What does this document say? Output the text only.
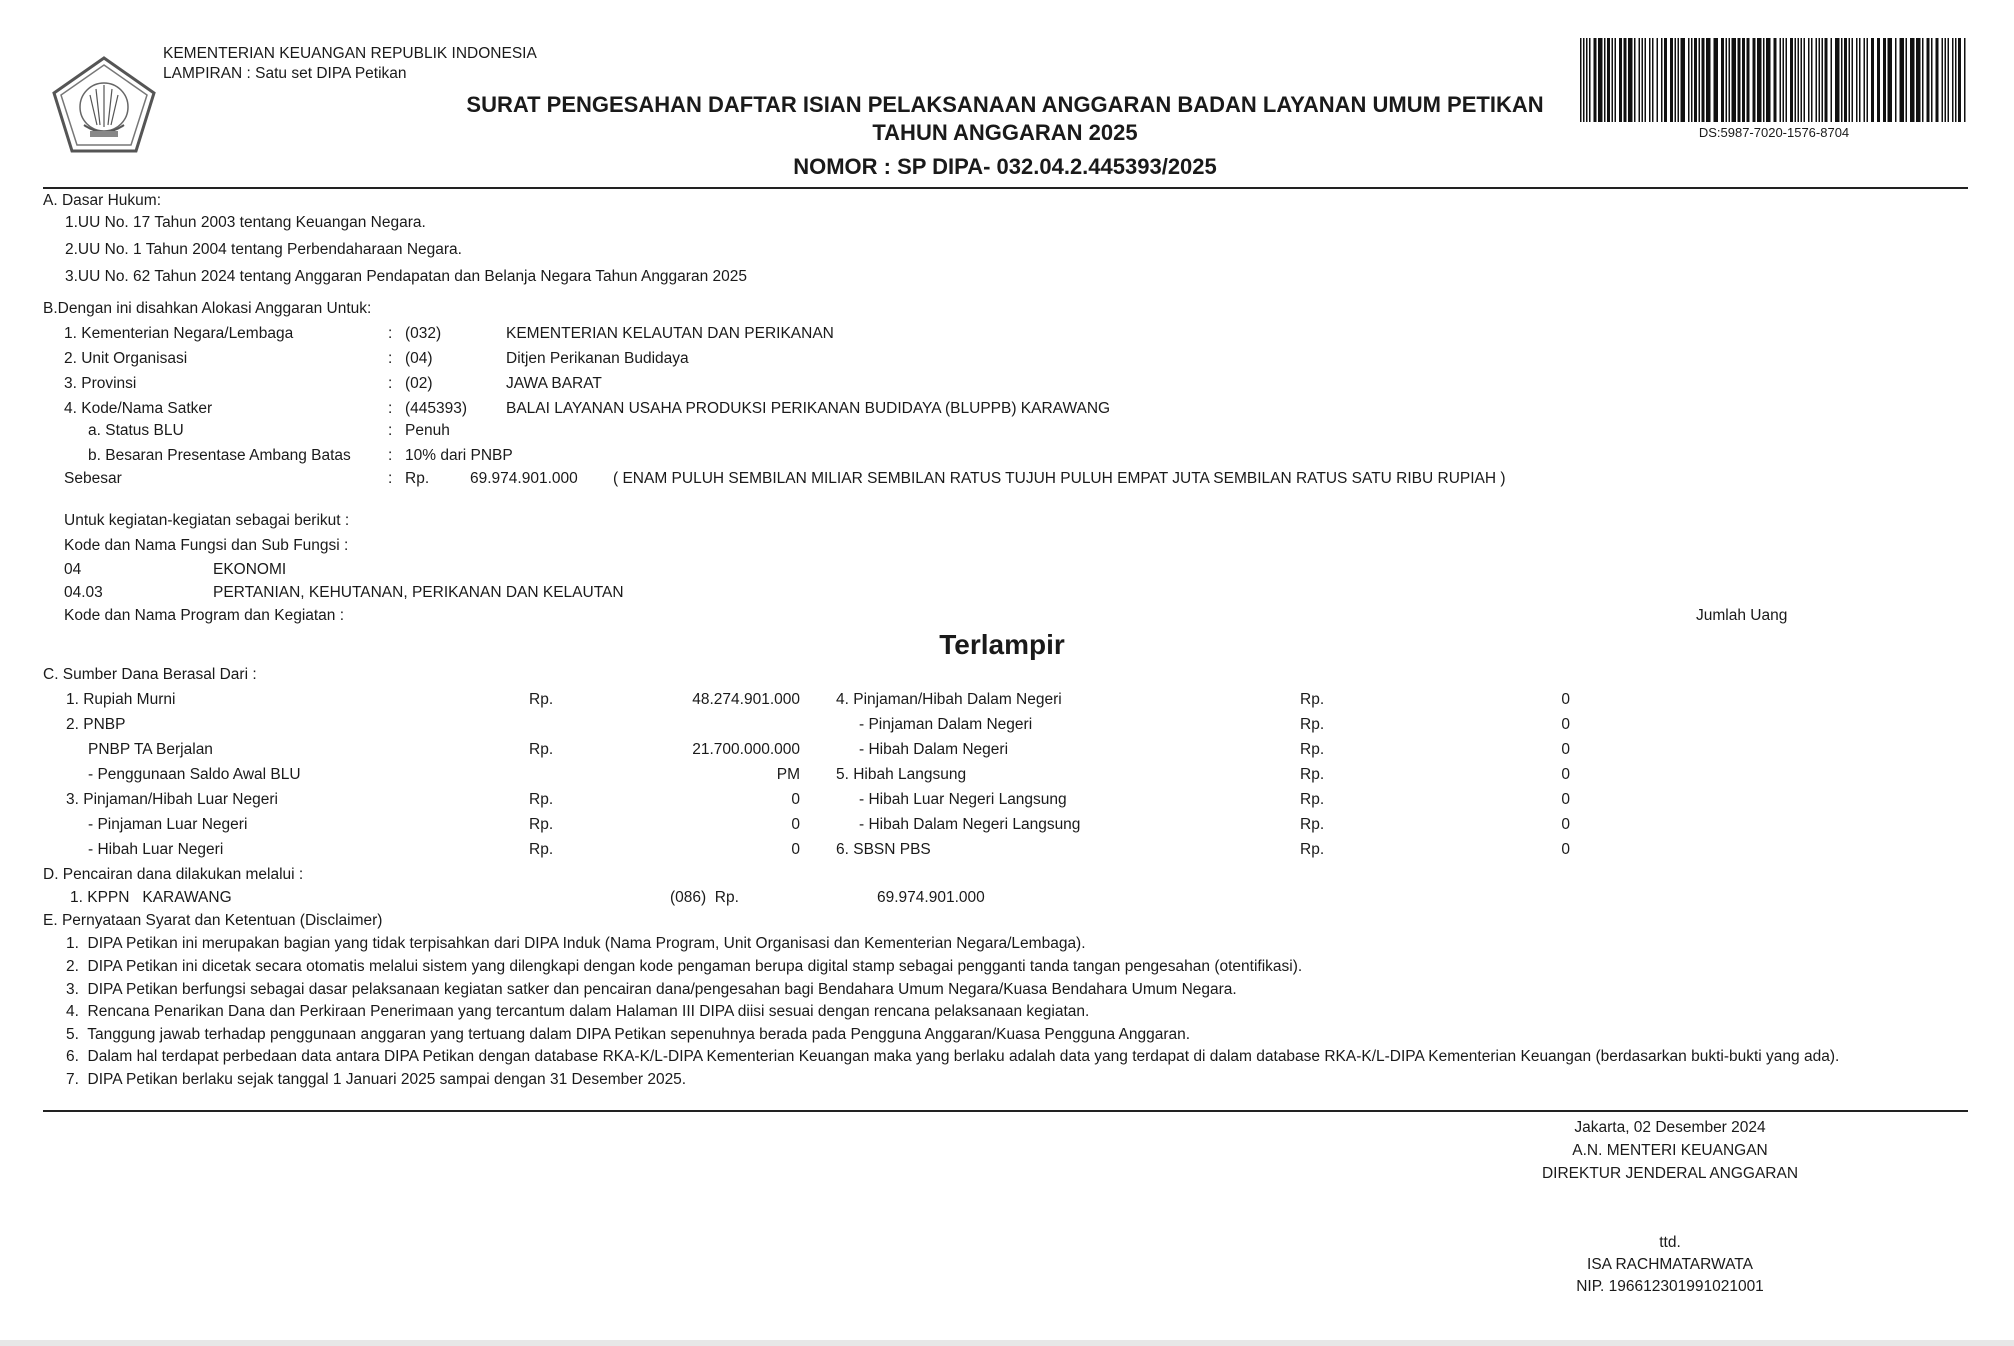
KEMENTERIAN KEUANGAN REPUBLIK INDONESIA
LAMPIRAN : Satu set DIPA Petikan
SURAT PENGESAHAN DAFTAR ISIAN PELAKSANAAN ANGGARAN BADAN LAYANAN UMUM PETIKAN
TAHUN ANGGARAN 2025
NOMOR : SP DIPA- 032.04.2.445393/2025
DS:5987-7020-1576-8704
A. Dasar Hukum:
1.UU No. 17 Tahun 2003 tentang Keuangan Negara.
2.UU No. 1 Tahun 2004 tentang Perbendaharaan Negara.
3.UU No. 62 Tahun 2024 tentang Anggaran Pendapatan dan Belanja Negara Tahun Anggaran 2025
B.Dengan ini disahkan Alokasi Anggaran Untuk:
1. Kementerian Negara/Lembaga	: (032)	KEMENTERIAN KELAUTAN DAN PERIKANAN
2. Unit Organisasi	: (04)	Ditjen Perikanan Budidaya
3. Provinsi	: (02)	JAWA BARAT
4. Kode/Nama Satker	: (445393)	BALAI LAYANAN USAHA PRODUKSI PERIKANAN BUDIDAYA (BLUPPB) KARAWANG
a. Status BLU	: Penuh
b. Besaran Presentase Ambang Batas : 10% dari PNBP
Sebesar	: Rp.	69.974.901.000 ( ENAM PULUH SEMBILAN MILIAR SEMBILAN RATUS TUJUH PULUH EMPAT JUTA SEMBILAN RATUS SATU RIBU RUPIAH )
Untuk kegiatan-kegiatan sebagai berikut :
Kode dan Nama Fungsi dan Sub Fungsi :
04	EKONOMI
04.03	PERTANIAN, KEHUTANAN, PERIKANAN DAN KELAUTAN
Kode dan Nama Program dan Kegiatan :	Jumlah Uang
Terlampir
C. Sumber Dana Berasal Dari :
1. Rupiah Murni	Rp.	48.274.901.000
2. PNBP
PNBP TA Berjalan	Rp.	21.700.000.000
- Penggunaan Saldo Awal BLU	PM
3. Pinjaman/Hibah Luar Negeri	Rp.	0
- Pinjaman Luar Negeri	Rp.	0
- Hibah Luar Negeri	Rp.	0
4. Pinjaman/Hibah Dalam Negeri	Rp.	0
- Pinjaman Dalam Negeri	Rp.	0
- Hibah Dalam Negeri	Rp.	0
5. Hibah Langsung	Rp.	0
- Hibah Luar Negeri Langsung	Rp.	0
- Hibah Dalam Negeri Langsung	Rp.	0
6. SBSN PBS	Rp.	0
D. Pencairan dana dilakukan melalui :
1. KPPN   KARAWANG	(086)  Rp.	69.974.901.000
E. Pernyataan Syarat dan Ketentuan (Disclaimer)
1.  DIPA Petikan ini merupakan bagian yang tidak terpisahkan dari DIPA Induk (Nama Program, Unit Organisasi dan Kementerian Negara/Lembaga).
2.  DIPA Petikan ini dicetak secara otomatis melalui sistem yang dilengkapi dengan kode pengaman berupa digital stamp sebagai pengganti tanda tangan pengesahan (otentifikasi).
3.  DIPA Petikan berfungsi sebagai dasar pelaksanaan kegiatan satker dan pencairan dana/pengesahan bagi Bendahara Umum Negara/Kuasa Bendahara Umum Negara.
4.  Rencana Penarikan Dana dan Perkiraan Penerimaan yang tercantum dalam Halaman III DIPA diisi sesuai dengan rencana pelaksanaan kegiatan.
5.  Tanggung jawab terhadap penggunaan anggaran yang tertuang dalam DIPA Petikan sepenuhnya berada pada Pengguna Anggaran/Kuasa Pengguna Anggaran.
6.  Dalam hal terdapat perbedaan data antara DIPA Petikan dengan database RKA-K/L-DIPA Kementerian Keuangan maka yang berlaku adalah data yang terdapat di dalam database RKA-K/L-DIPA Kementerian Keuangan (berdasarkan bukti-bukti yang ada).
7.  DIPA Petikan berlaku sejak tanggal 1 Januari 2025 sampai dengan 31 Desember 2025.
Jakarta, 02 Desember 2024
A.N. MENTERI KEUANGAN
DIREKTUR JENDERAL ANGGARAN
ttd.
ISA RACHMATARWATA
NIP. 196612301991021001
